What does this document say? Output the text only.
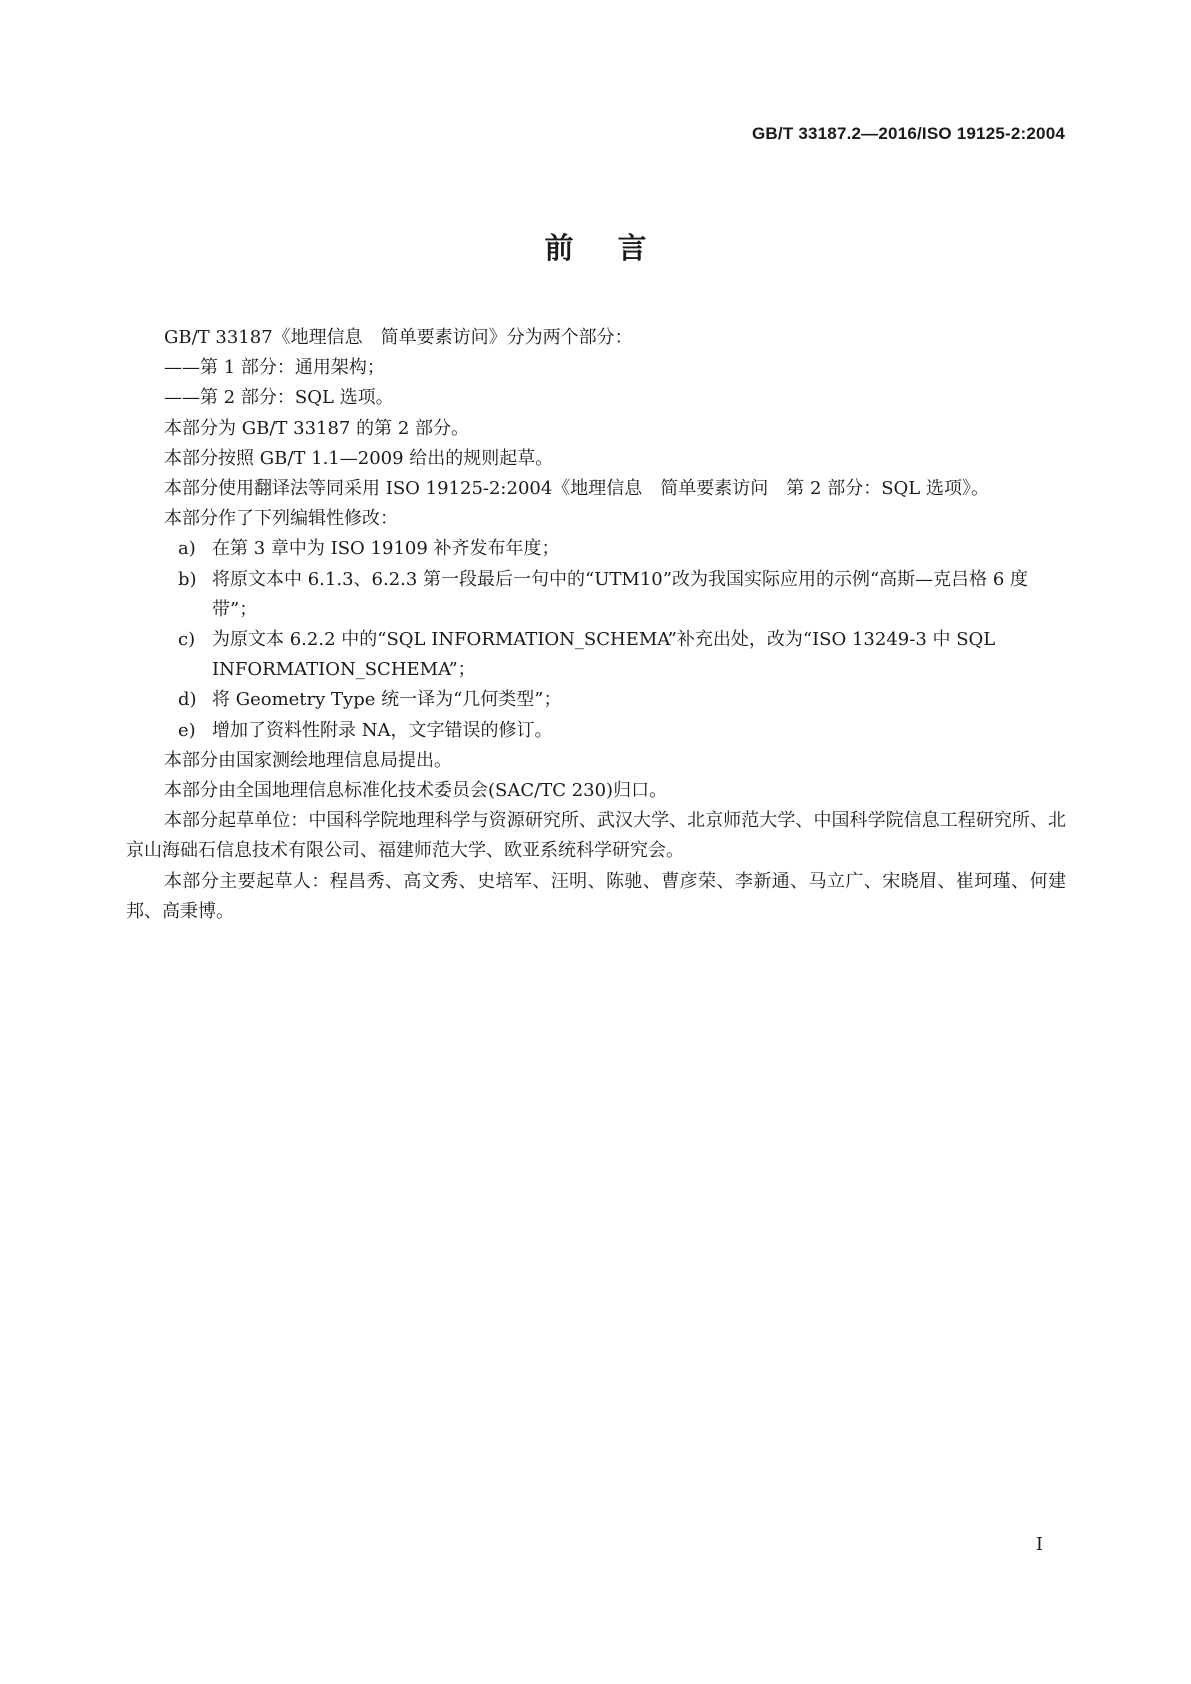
GB/T 33187.2—2016/ISO 19125-2:2004
前言

GB/T 33187《地理信息　简单要素访问》分为两个部分：

——第 1 部分：通用架构；

——第 2 部分：SQL 选项。

本部分为 GB/T 33187 的第 2 部分。

本部分按照 GB/T 1.1—2009 给出的规则起草。

本部分使用翻译法等同采用 ISO 19125-2:2004《地理信息　简单要素访问　第 2 部分：SQL 选项》。

本部分作了下列编辑性修改：

a) 在第 3 章中为 ISO 19109 补齐发布年度；
b) 将原文本中 6.1.3、6.2.3 第一段最后一句中的“UTM10”改为我国实际应用的示例“高斯—克吕格 6 度带”；
c) 为原文本 6.2.2 中的“SQL INFORMATION_SCHEMA”补充出处，改为“ISO 13249-3 中 SQL INFORMATION_SCHEMA”；
d) 将 Geometry Type 统一译为“几何类型”；
e) 增加了资料性附录 NA，文字错误的修订。

本部分由国家测绘地理信息局提出。

本部分由全国地理信息标准化技术委员会(SAC/TC 230)归口。

本部分起草单位：中国科学院地理科学与资源研究所、武汉大学、北京师范大学、中国科学院信息工程研究所、北京山海础石信息技术有限公司、福建师范大学、欧亚系统科学研究会。

本部分主要起草人：程昌秀、高文秀、史培军、汪明、陈驰、曹彦荣、李新通、马立广、宋晓眉、崔珂瑾、何建邦、高秉博。

I
